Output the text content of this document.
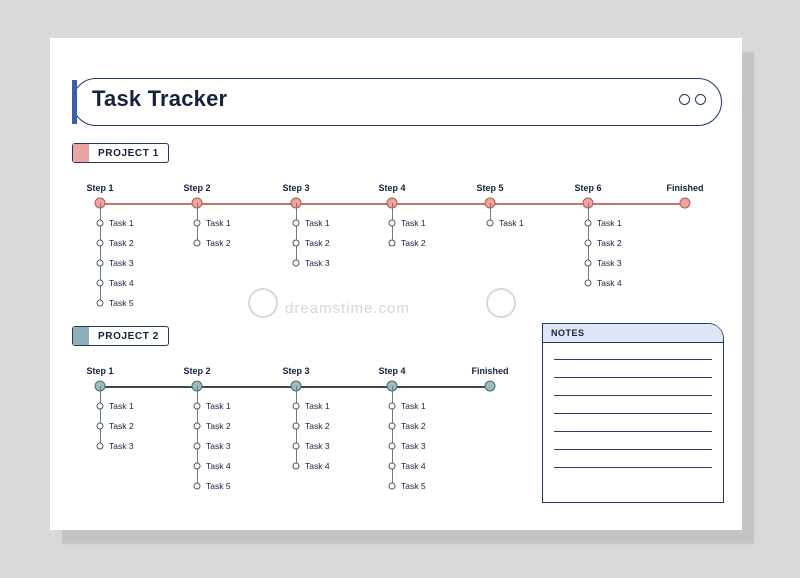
Task Tracker
PROJECT 1
PROJECT 2
Step 1
Task 1
Task 2
Task 3
Task 4
Task 5
Step 2
Task 1
Task 2
Step 3
Task 1
Task 2
Task 3
Step 4
Task 1
Task 2
Step 5
Task 1
Step 6
Task 1
Task 2
Task 3
Task 4
Finished
Step 1
Task 1
Task 2
Task 3
Step 2
Task 1
Task 2
Task 3
Task 4
Task 5
Step 3
Task 1
Task 2
Task 3
Task 4
Step 4
Task 1
Task 2
Task 3
Task 4
Task 5
Finished
NOTES
dreamstime.com
